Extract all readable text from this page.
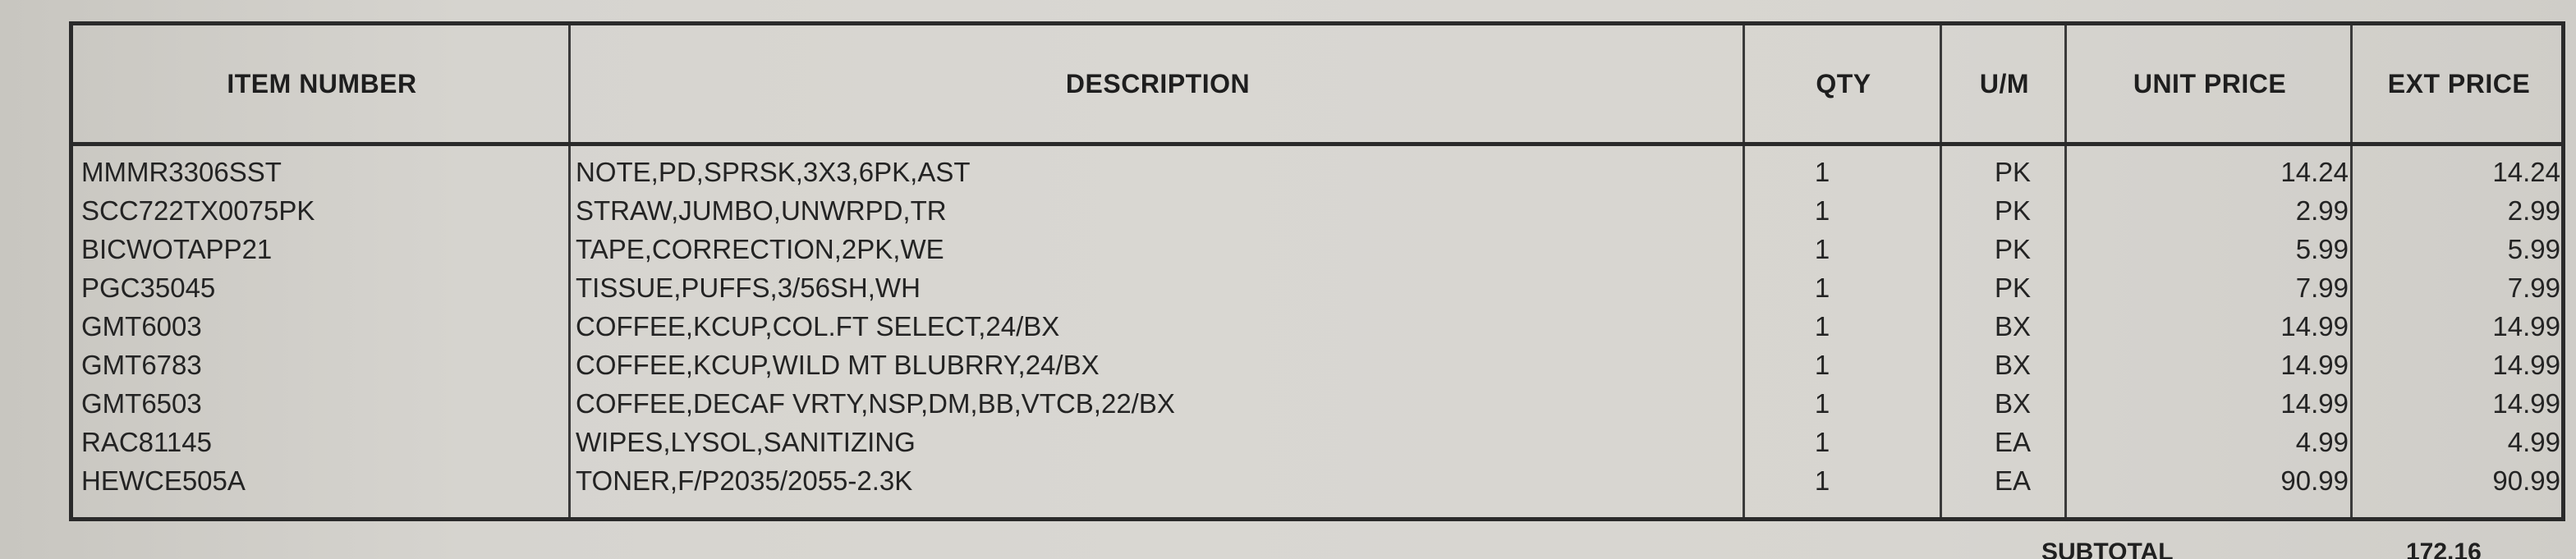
ITEM NUMBER	DESCRIPTION	QTY	U/M	UNIT PRICE	EXT PRICE
MMMR3306SST	NOTE,PD,SPRSK,3X3,6PK,AST	1	PK	14.24	14.24
SCC722TX0075PK	STRAW,JUMBO,UNWRPD,TR	1	PK	2.99	2.99
BICWOTAPP21	TAPE,CORRECTION,2PK,WE	1	PK	5.99	5.99
PGC35045	TISSUE,PUFFS,3/56SH,WH	1	PK	7.99	7.99
GMT6003	COFFEE,KCUP,COL.FT SELECT,24/BX	1	BX	14.99	14.99
GMT6783	COFFEE,KCUP,WILD MT BLUBRRY,24/BX	1	BX	14.99	14.99
GMT6503	COFFEE,DECAF VRTY,NSP,DM,BB,VTCB,22/BX	1	BX	14.99	14.99
RAC81145	WIPES,LYSOL,SANITIZING	1	EA	4.99	4.99
HEWCE505A	TONER,F/P2035/2055-2.3K	1	EA	90.99	90.99
SUBTOTAL	172.16
